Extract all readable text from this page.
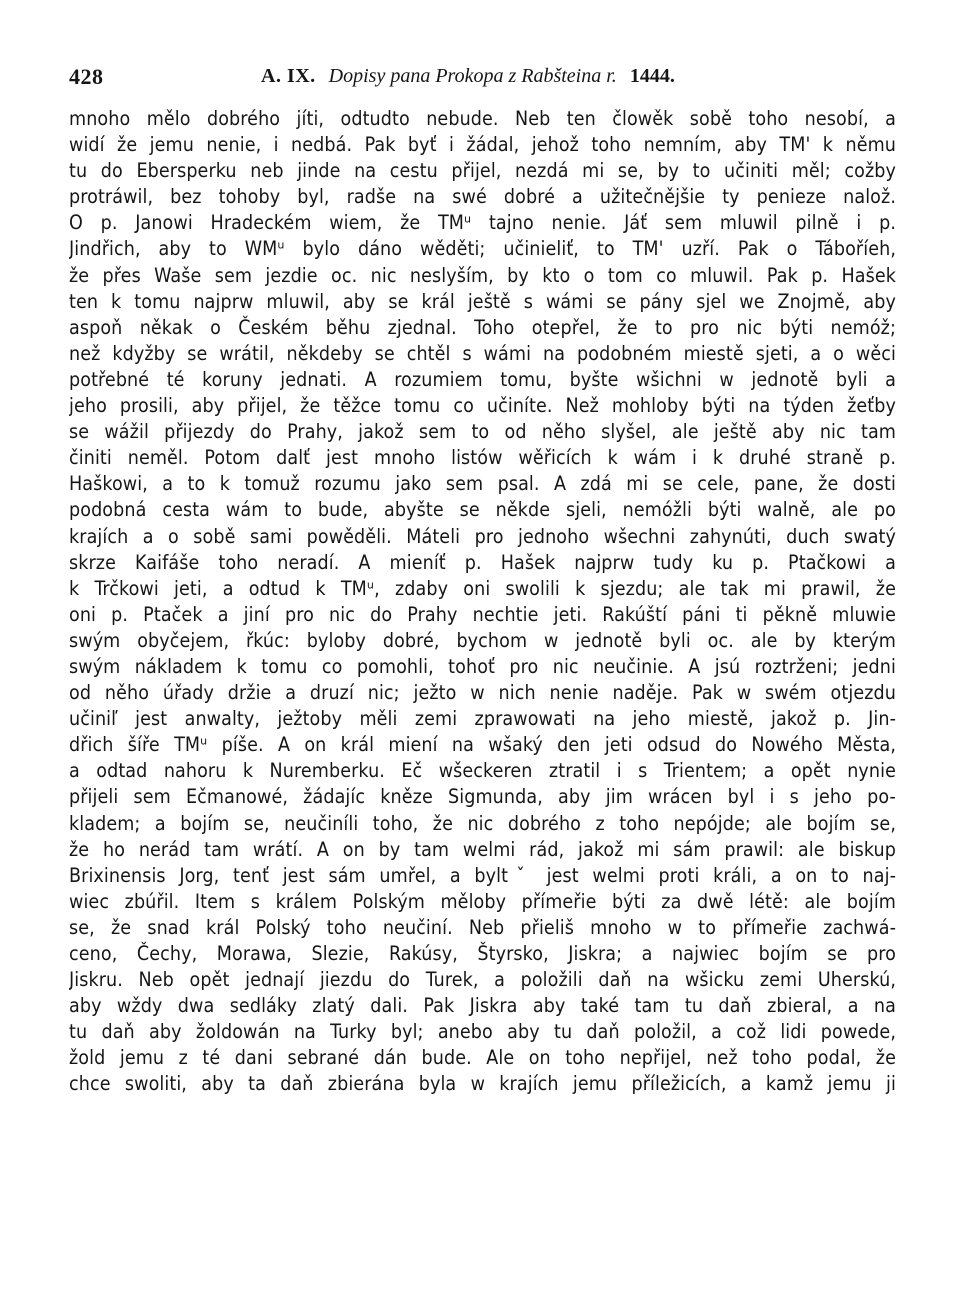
428	A. IX. Dopisy pana Prokopa z Rabšteina r. 1444.
mnoho mělo dobrého jíti, odtudto nebude. Neb ten člowěk sobě toho nesobí, a
widí že jemu nenie, i nedbá. Pak byť i žádal, jehož toho nemním, aby TM' k němu
tu do Ebersperku neb jinde na cestu přijel, nezdá mi se, by to učiniti měl; cožby
protráwil, bez tohoby byl, radše na swé dobré a užitečnějšie ty penieze nalož.
O p. Janowi Hradeckém wiem, že TMᵘ tajno nenie. Jáť sem mluwil pilně i p.
Jindřich, aby to WMᵘ bylo dáno wěděti; učinieliť, to TM' uzří. Pak o Táboříeh,
že přes Waše sem jezdie oc. nic neslyším, by kto o tom co mluwil. Pak p. Hašek
ten k tomu najprw mluwil, aby se král ještě s wámi se pány sjel we Znojmě, aby
aspoň někak o Českém běhu zjednal. Toho otepřel, že to pro nic býti nemóž;
než kdyžby se wrátil, někdeby se chtěl s wámi na podobném miestě sjeti, a o wěci
potřebné té koruny jednati. A rozumiem tomu, byšte wšichni w jednotě byli a
jeho prosili, aby přijel, že těžce tomu co učiníte. Než mohloby býti na týden žeťby
se wážil přijezdy do Prahy, jakož sem to od něho slyšel, ale ještě aby nic tam
činiti neměl. Potom dalť jest mnoho listów wěřicích k wám i k druhé straně p.
Haškowi, a to k tomuž rozumu jako sem psal. A zdá mi se cele, pane, že dosti
podobná cesta wám to bude, abyšte se někde sjeli, nemóžli býti walně, ale po
krajích a o sobě sami powěděli. Máteli pro jednoho wšechni zahynúti, duch swatý
skrze Kaifáše toho neradí. A mieníť p. Hašek najprw tudy ku p. Ptačkowi a
k Trčkowi jeti, a odtud k TMᵘ, zdaby oni swolili k sjezdu; ale tak mi prawil, že
oni p. Ptaček a jiní pro nic do Prahy nechtie jeti. Rakúští páni ti pěkně mluwie
swým obyčejem, řkúc: byloby dobré, bychom w jednotě byli oc. ale by kterým
swým nákladem k tomu co pomohli, tohoť pro nic neučinie. A jsú roztrženi; jedni
od něho úřady držie a druzí nic; ježto w nich nenie naděje. Pak w swém otjezdu
učiniľ jest anwalty, ježtoby měli zemi zprawowati na jeho miestě, jakož p. Jin-
dřich šíře TMᵘ píše. A on král miení na wšaký den jeti odsud do Nowého Města,
a odtad nahoru k Nuremberku. Eč wšeckeren ztratil i s Trientem; a opět nynie
přijeli sem Ečmanowé, žádajíc kněze Sigmunda, aby jim wrácen byl i s jeho po-
kladem; a bojím se, neučiníli toho, že nic dobrého z toho nepójde; ale bojím se,
že ho nerád tam wrátí. A on by tam welmi rád, jakož mi sám prawil: ale biskup
Brixinensis Jorg, tenť jest sám umřel, a byltˇ jest welmi proti králi, a on to naj-
wiec zbúřil. Item s králem Polským měloby přímeřie býti za dwě létě: ale bojím
se, že snad král Polský toho neučiní. Neb přieliš mnoho w to přímeřie zachwá-
ceno, Čechy, Morawa, Slezie, Rakúsy, Štyrsko, Jiskra; a najwiec bojím se pro
Jiskru. Neb opět jednají jiezdu do Turek, a položili daň na wšicku zemi Uherskú,
aby wždy dwa sedláky zlatý dali. Pak Jiskra aby také tam tu daň zbieral, a na
tu daň aby žoldowán na Turky byl; anebo aby tu daň položil, a což lidi powede,
žold jemu z té dani sebrané dán bude. Ale on toho nepřijel, než toho podal, že
chce swoliti, aby ta daň zbierána byla w krajích jemu příležicích, a kamž jemu ji
